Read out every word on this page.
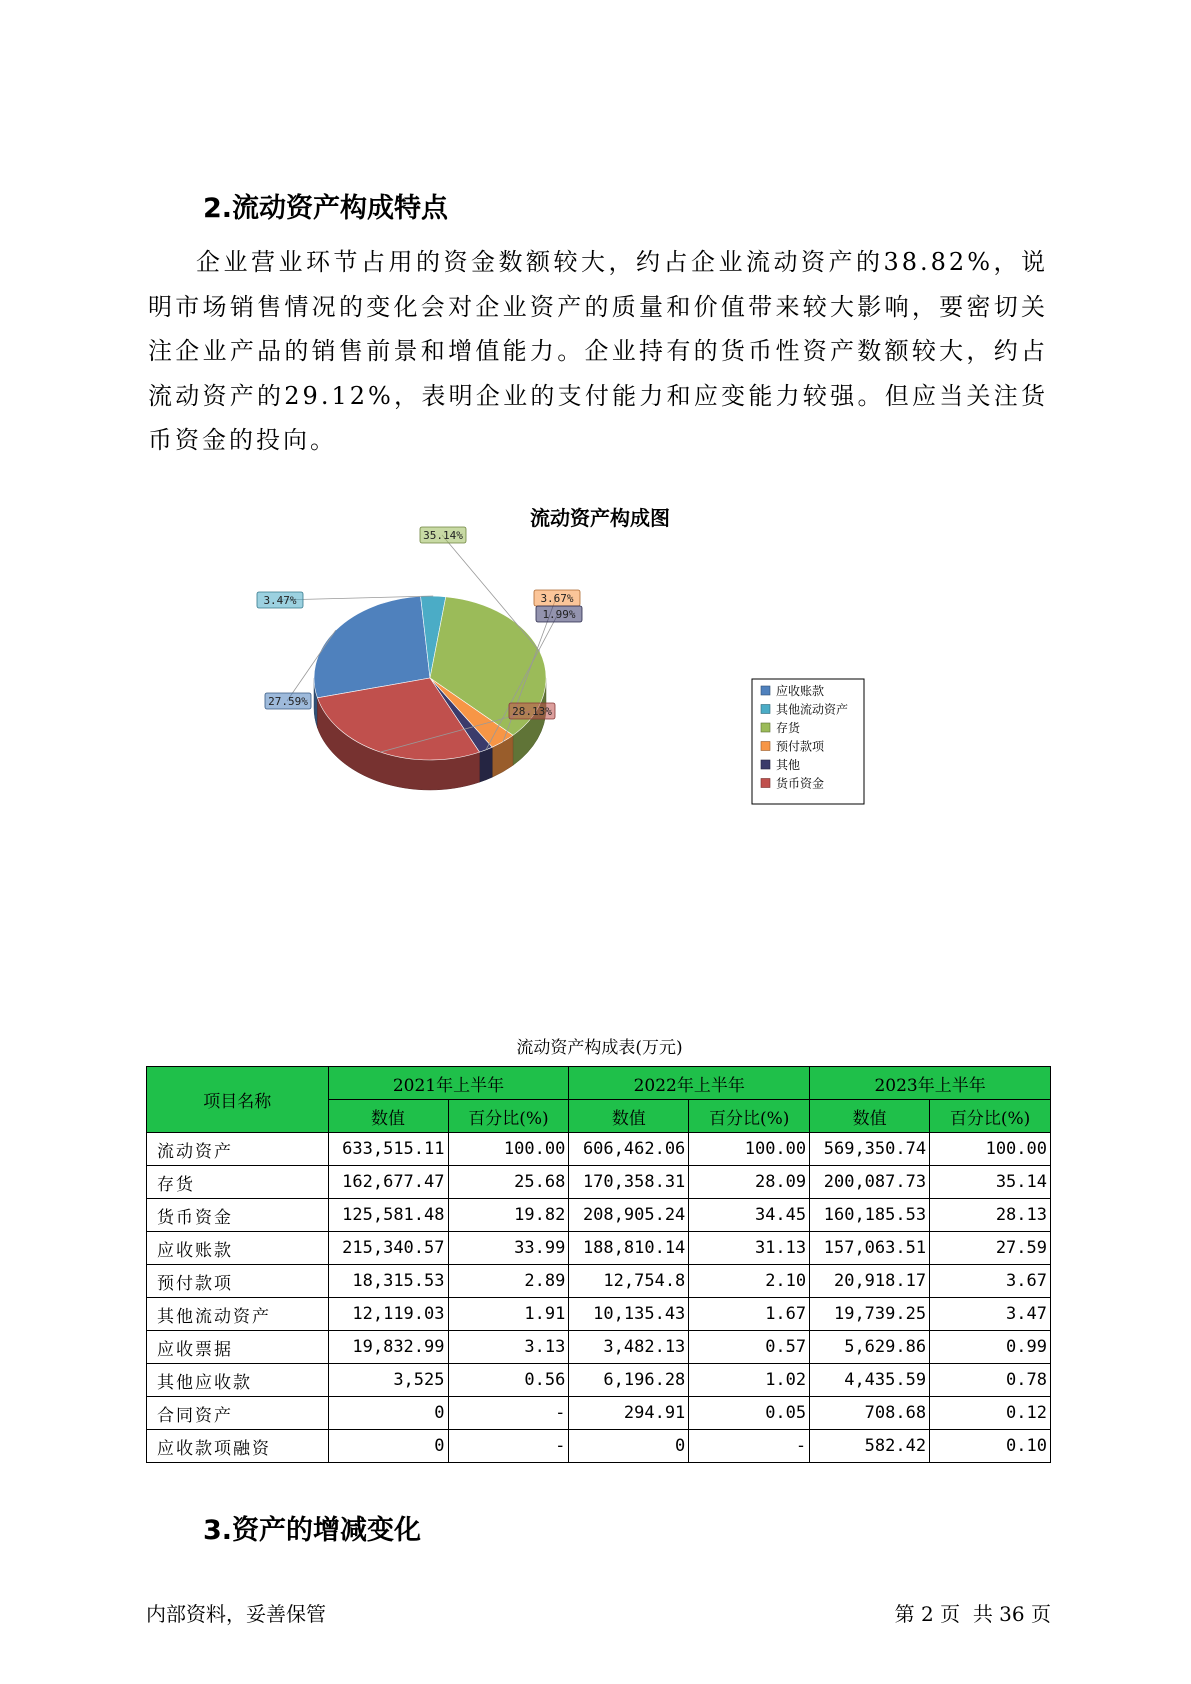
2.流动资产构成特点

企业营业环节占用的资金数额较大，约占企业流动资产的38.82%，说明市场销售情况的变化会对企业资产的质量和价值带来较大影响，要密切关注企业产品的销售前景和增值能力。企业持有的货币性资产数额较大，约占流动资产的29.12%，表明企业的支付能力和应变能力较强。但应当关注货币资金的投向。

流动资产构成图
27.59%
3.47%
35.14%
3.67%
1.99%
28.13%
应收账款
其他流动资产
存货
预付款项
其他
货币资金
流动资产构成表(万元)
项目名称	2021年上半年		2022年上半年		2023年上半年	
	数值	百分比(%)	数值	百分比(%)	数值	百分比(%)
流动资产	633,515.11	100.00	606,462.06	100.00	569,350.74	100.00
存货	162,677.47	25.68	170,358.31	28.09	200,087.73	35.14
货币资金	125,581.48	19.82	208,905.24	34.45	160,185.53	28.13
应收账款	215,340.57	33.99	188,810.14	31.13	157,063.51	27.59
预付款项	18,315.53	2.89	12,754.8	2.10	20,918.17	3.67
其他流动资产	12,119.03	1.91	10,135.43	1.67	19,739.25	3.47
应收票据	19,832.99	3.13	3,482.13	0.57	5,629.86	0.99
其他应收款	3,525	0.56	6,196.28	1.02	4,435.59	0.78
合同资产	0	-	294.91	0.05	708.68	0.12
应收款项融资	0	-	0	-	582.42	0.10
3.资产的增减变化
内部资料，妥善保管	第 2 页  共 36 页
